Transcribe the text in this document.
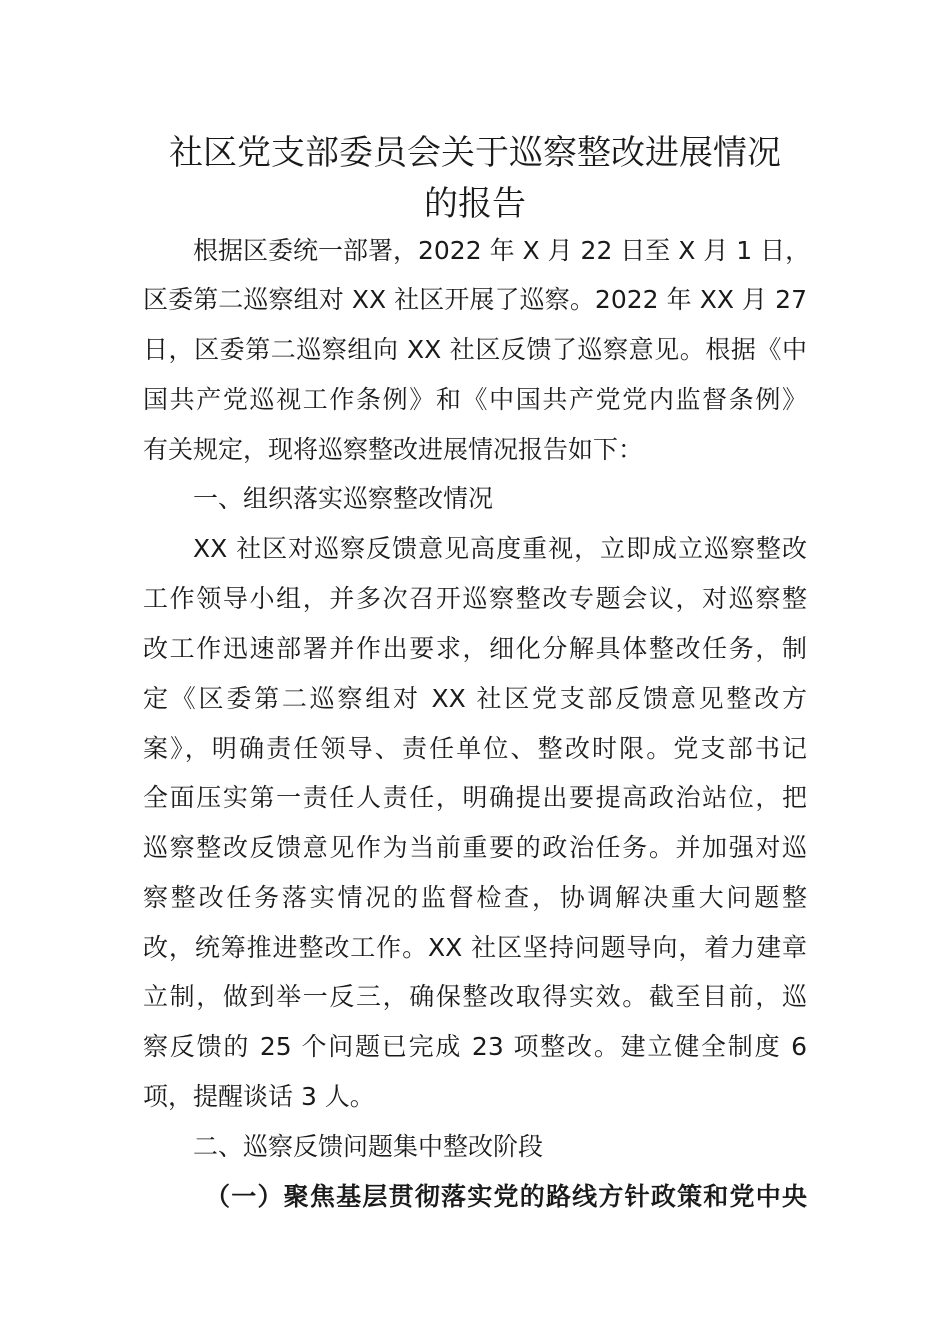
社区党支部委员会关于巡察整改进展情况
的报告
根据区委统一部署，2022 年 X 月 22 日至 X 月 1 日，
区委第二巡察组对 XX 社区开展了巡察。2022 年 XX 月 27
日，区委第二巡察组向 XX 社区反馈了巡察意见。根据《中
国共产党巡视工作条例》和《中国共产党党内监督条例》
有关规定，现将巡察整改进展情况报告如下：
一、组织落实巡察整改情况
XX 社区对巡察反馈意见高度重视，立即成立巡察整改
工作领导小组，并多次召开巡察整改专题会议，对巡察整
改工作迅速部署并作出要求，细化分解具体整改任务，制
定《区委第二巡察组对 XX 社区党支部反馈意见整改方
案》，明确责任领导、责任单位、整改时限。党支部书记
全面压实第一责任人责任，明确提出要提高政治站位，把
巡察整改反馈意见作为当前重要的政治任务。并加强对巡
察整改任务落实情况的监督检查，协调解决重大问题整
改，统筹推进整改工作。XX 社区坚持问题导向，着力建章
立制，做到举一反三，确保整改取得实效。截至目前，巡
察反馈的 25 个问题已完成 23 项整改。建立健全制度 6
项，提醒谈话 3 人。
二、巡察反馈问题集中整改阶段
（一）聚焦基层贯彻落实党的路线方针政策和党中央
